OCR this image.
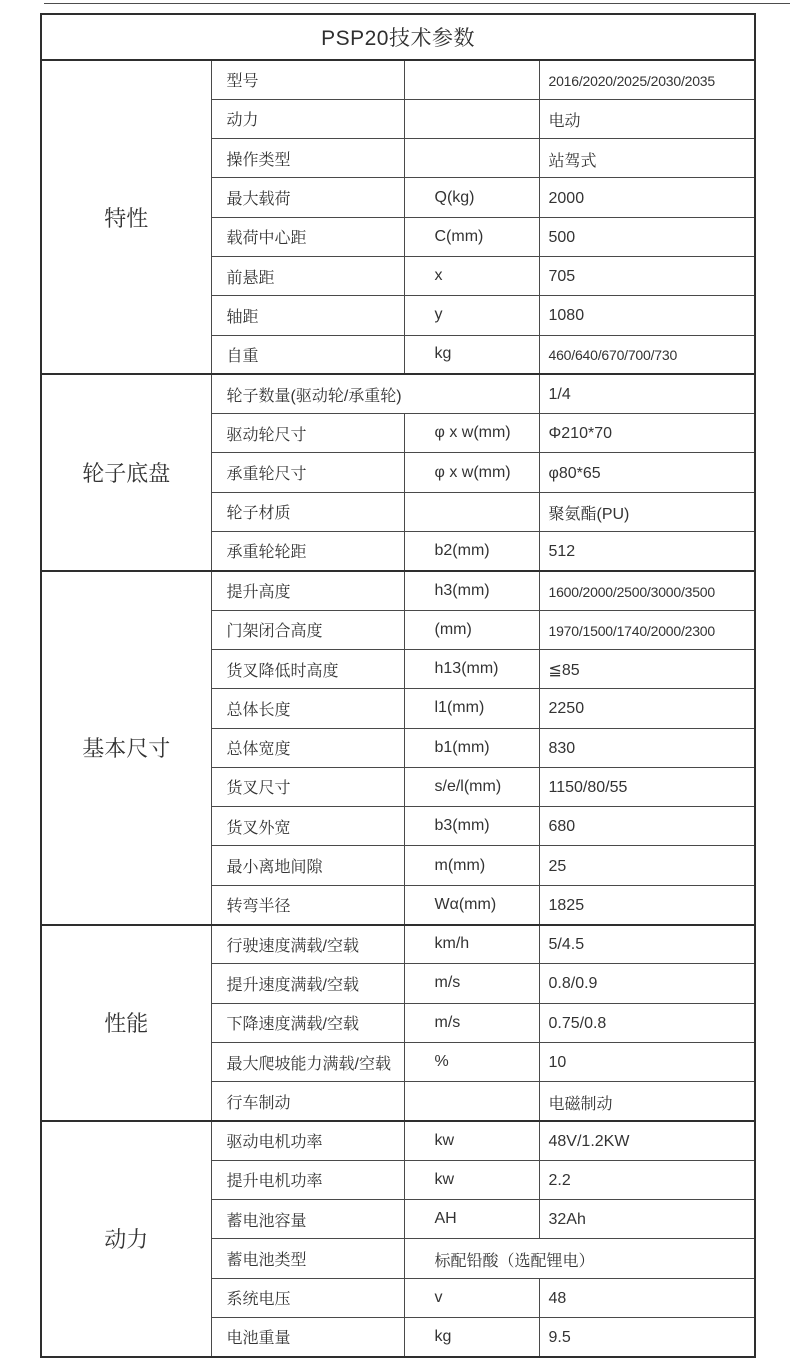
PSP20技术参数			
特性	型号		2016/2020/2025/2030/2035
	动力		电动
	操作类型		站驾式
	最大载荷	Q(kg)	2000
	载荷中心距	C(mm)	500
	前悬距	x	705
	轴距	y	1080
	自重	kg	460/640/670/700/730
轮子底盘	轮子数量(驱动轮/承重轮)		1/4
	驱动轮尺寸	φ x w(mm)	Φ210*70
	承重轮尺寸	φ x w(mm)	φ80*65
	轮子材质		聚氨酯(PU)
	承重轮轮距	b2(mm)	512
基本尺寸	提升高度	h3(mm)	1600/2000/2500/3000/3500
	门架闭合高度	(mm)	1970/1500/1740/2000/2300
	货叉降低时高度	h13(mm)	≦85
	总体长度	l1(mm)	2250
	总体宽度	b1(mm)	830
	货叉尺寸	s/e/l(mm)	1150/80/55
	货叉外宽	b3(mm)	680
	最小离地间隙	m(mm)	25
	转弯半径	Wα(mm)	1825
性能	行驶速度满载/空载	km/h	5/4.5
	提升速度满载/空载	m/s	0.8/0.9
	下降速度满载/空载	m/s	0.75/0.8
	最大爬坡能力满载/空载	%	10
	行车制动		电磁制动
动力	驱动电机功率	kw	48V/1.2KW
	提升电机功率	kw	2.2
	蓄电池容量	AH	32Ah
	蓄电池类型	标配铅酸（选配锂电）	
	系统电压	v	48
	电池重量	kg	9.5
